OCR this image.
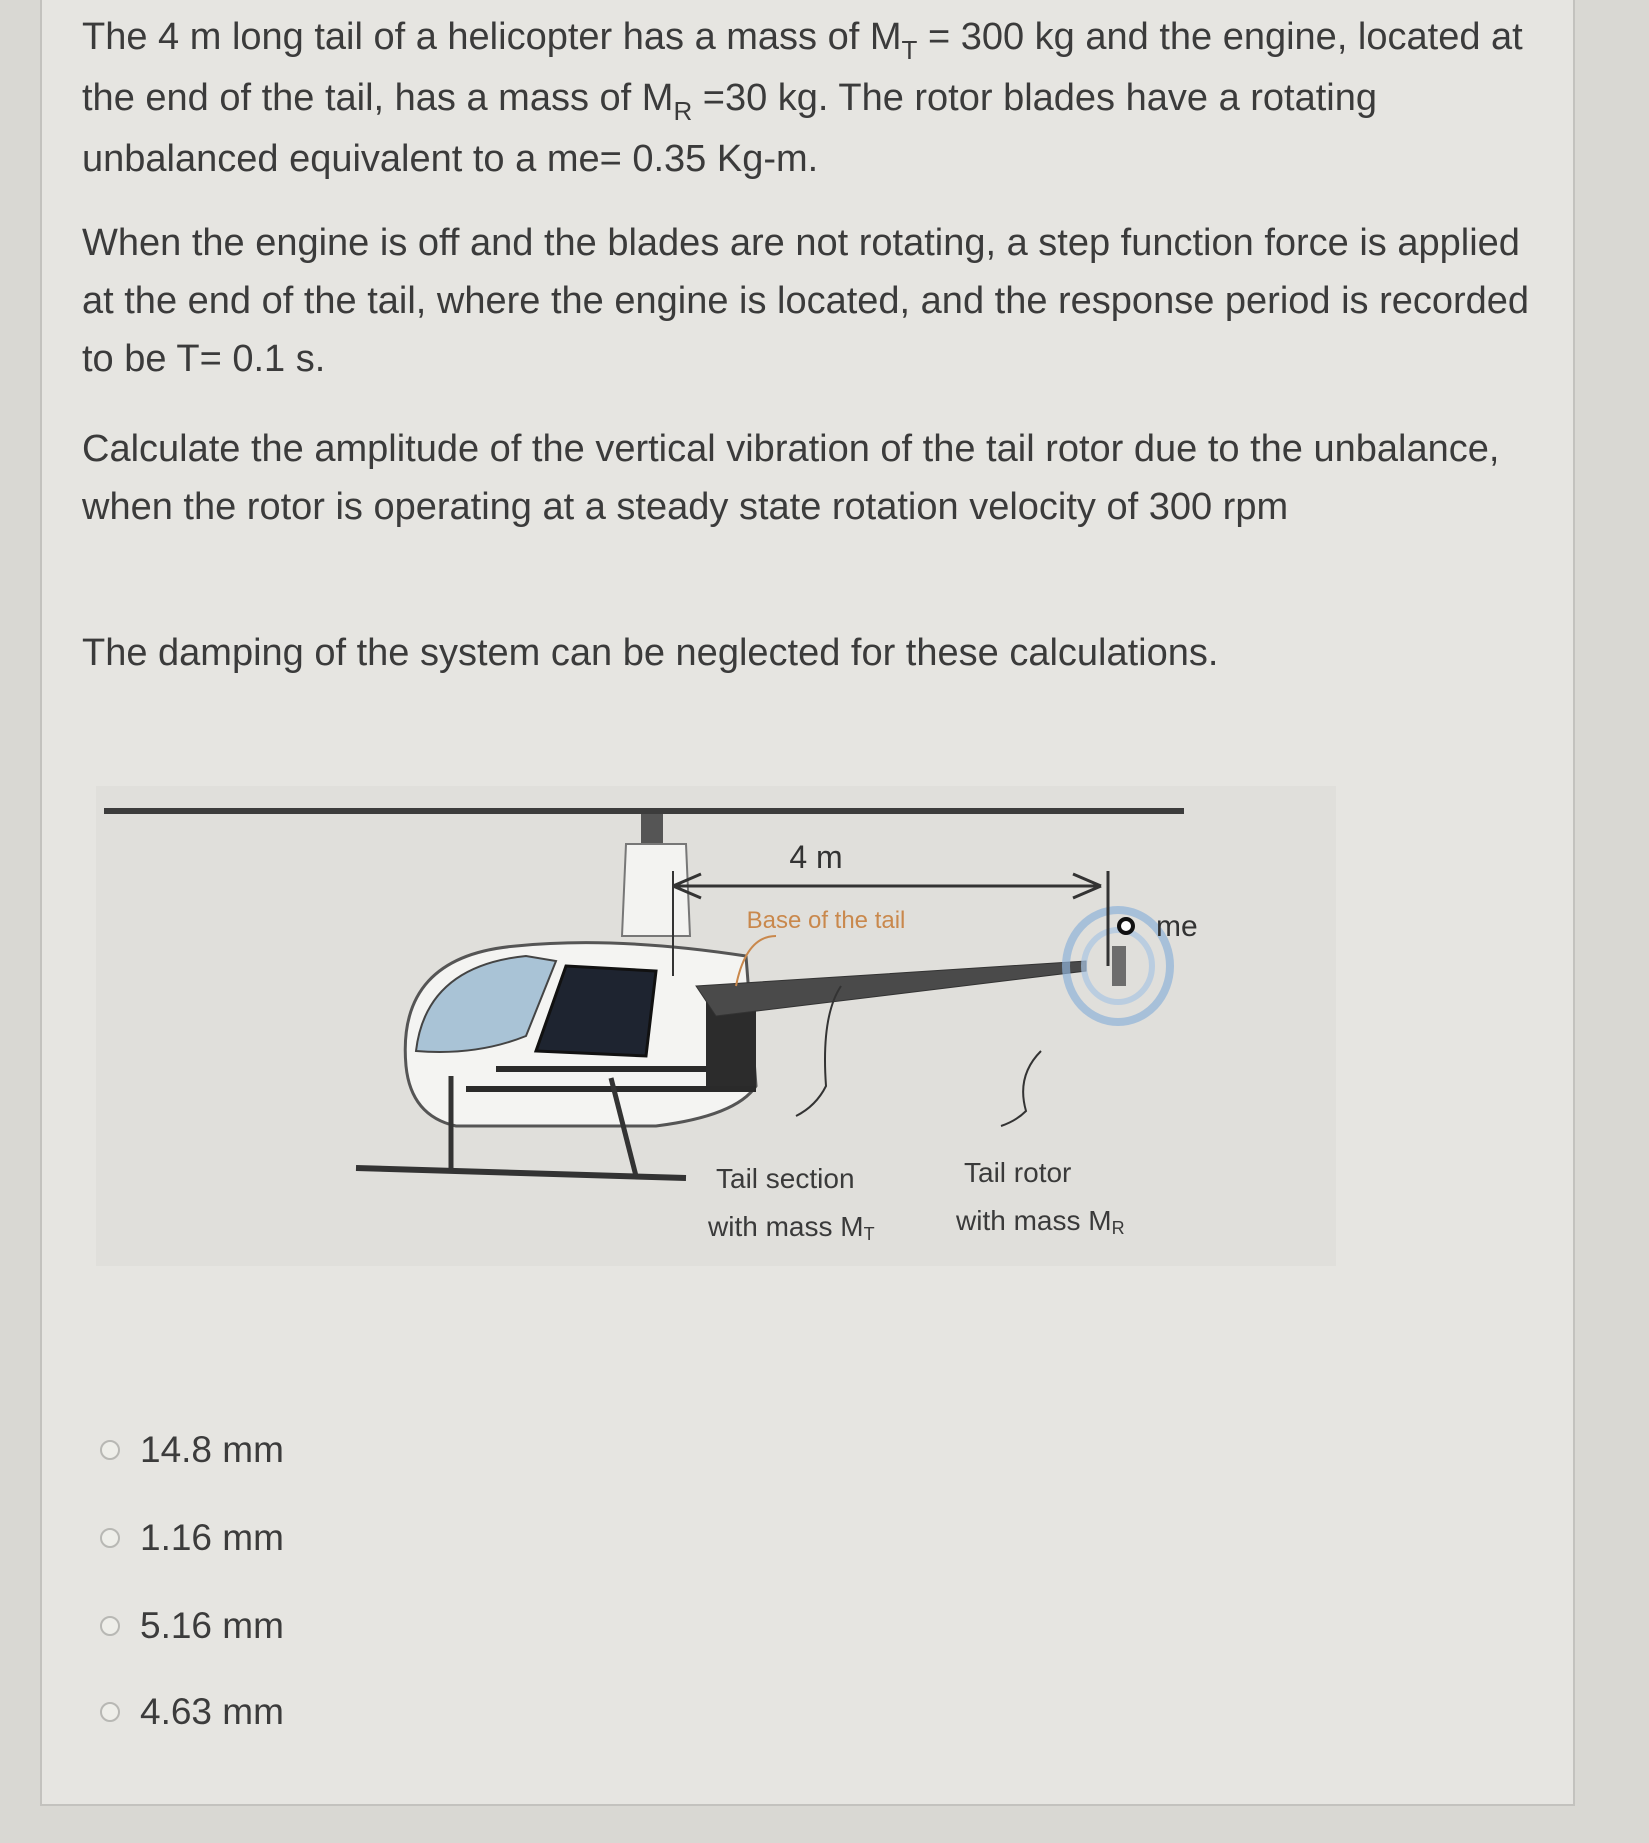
The 4 m long tail of a helicopter has a mass of $M_T = 300$ kg and the engine, located at the end of the tail, has a mass of $M_R =30$ kg. The rotor blades have a rotating unbalanced equivalent to a me= 0.35 Kg-m.

When the engine is off and the blades are not rotating, a step function force is applied at the end of the tail, where the engine is located, and the response period is recorded to be T= 0.1 s.

Calculate the amplitude of the vertical vibration of the tail rotor due to the unbalance, when the rotor is operating at a steady state rotation velocity of 300 rpm

The damping of the system can be neglected for these calculations.

4 m
Base of the tail	me
Tail section
with mass MT
Tail rotor
with mass MR
14.8 mm
1.16 mm
5.16 mm
4.63 mm
